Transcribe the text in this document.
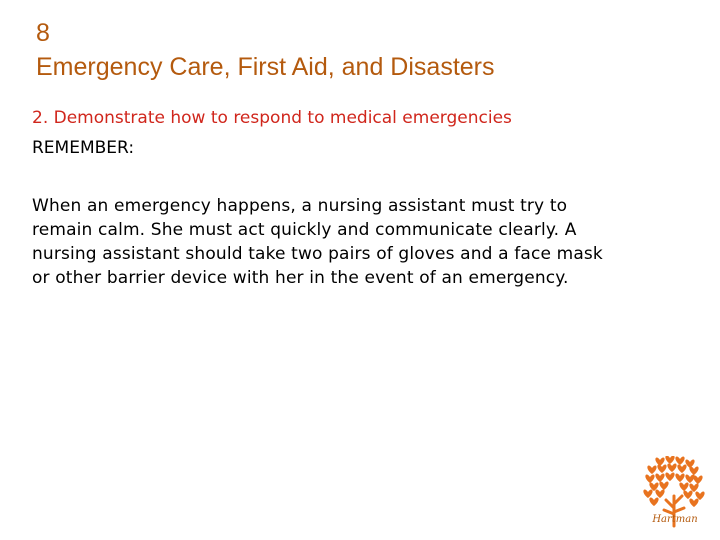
8
Emergency Care, First Aid, and Disasters
2. Demonstrate how to respond to medical emergencies
REMEMBER:
When an emergency happens, a nursing assistant must try to
remain calm. She must act quickly and communicate clearly. A
nursing assistant should take two pairs of gloves and a face mask
or other barrier device with her in the event of an emergency.
Hartman
